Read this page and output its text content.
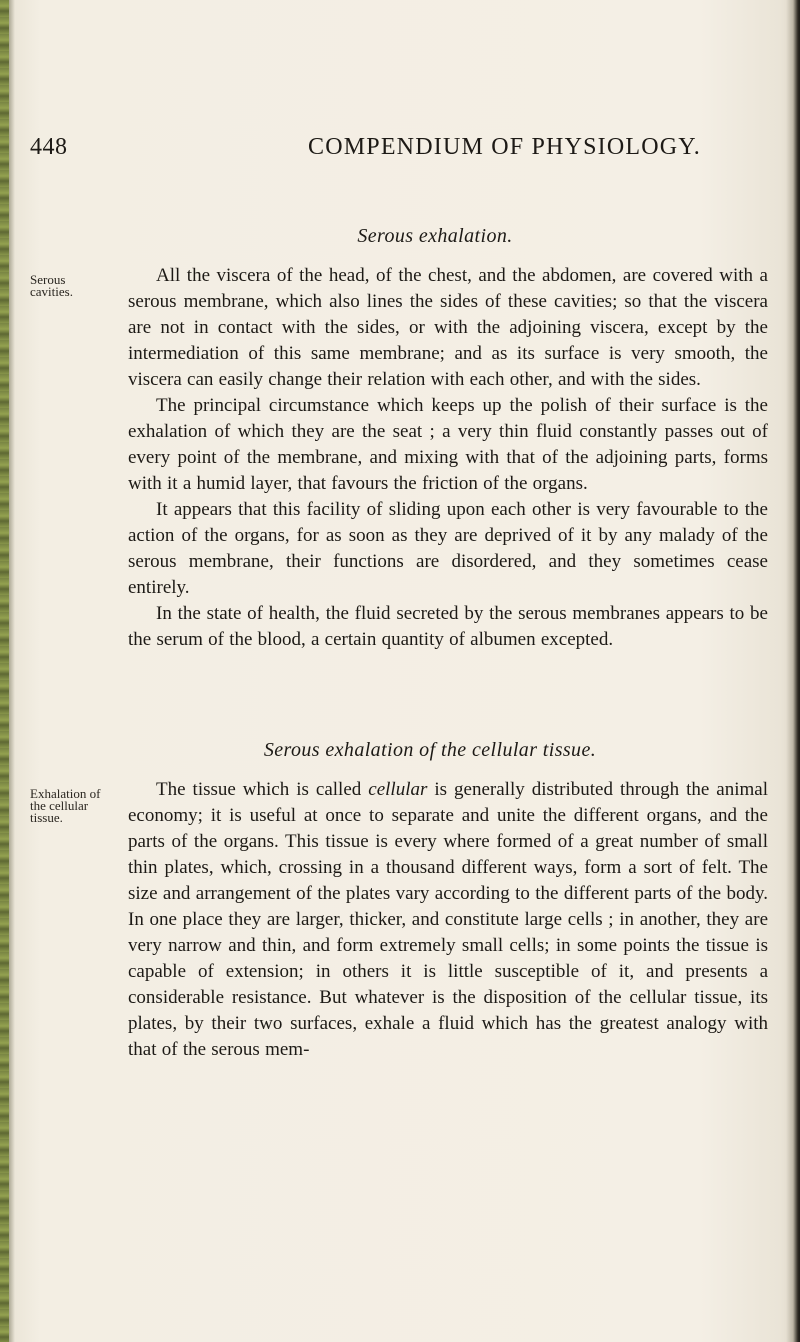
448	COMPENDIUM OF PHYSIOLOGY.
Serous exhalation.
Serous cavities.

All the viscera of the head, of the chest, and the abdomen, are covered with a serous membrane, which also lines the sides of these cavities; so that the viscera are not in contact with the sides, or with the adjoining viscera, except by the intermediation of this same membrane; and as its surface is very smooth, the viscera can easily change their relation with each other, and with the sides.

The principal circumstance which keeps up the polish of their surface is the exhalation of which they are the seat ; a very thin fluid constantly passes out of every point of the membrane, and mixing with that of the adjoining parts, forms with it a humid layer, that favours the friction of the organs.

It appears that this facility of sliding upon each other is very favourable to the action of the organs, for as soon as they are deprived of it by any malady of the serous membrane, their functions are disordered, and they sometimes cease entirely.

In the state of health, the fluid secreted by the serous membranes appears to be the serum of the blood, a certain quantity of albumen excepted.

Serous exhalation of the cellular tissue.
Exhalation of the cellular tissue.

The tissue which is called cellular is generally distributed through the animal economy; it is useful at once to separate and unite the different organs, and the parts of the organs. This tissue is every where formed of a great number of small thin plates, which, crossing in a thousand different ways, form a sort of felt. The size and arrangement of the plates vary according to the different parts of the body. In one place they are larger, thicker, and constitute large cells ; in another, they are very narrow and thin, and form extremely small cells; in some points the tissue is capable of extension; in others it is little susceptible of it, and presents a considerable resistance. But whatever is the disposition of the cellular tissue, its plates, by their two surfaces, exhale a fluid which has the greatest analogy with that of the serous mem-
